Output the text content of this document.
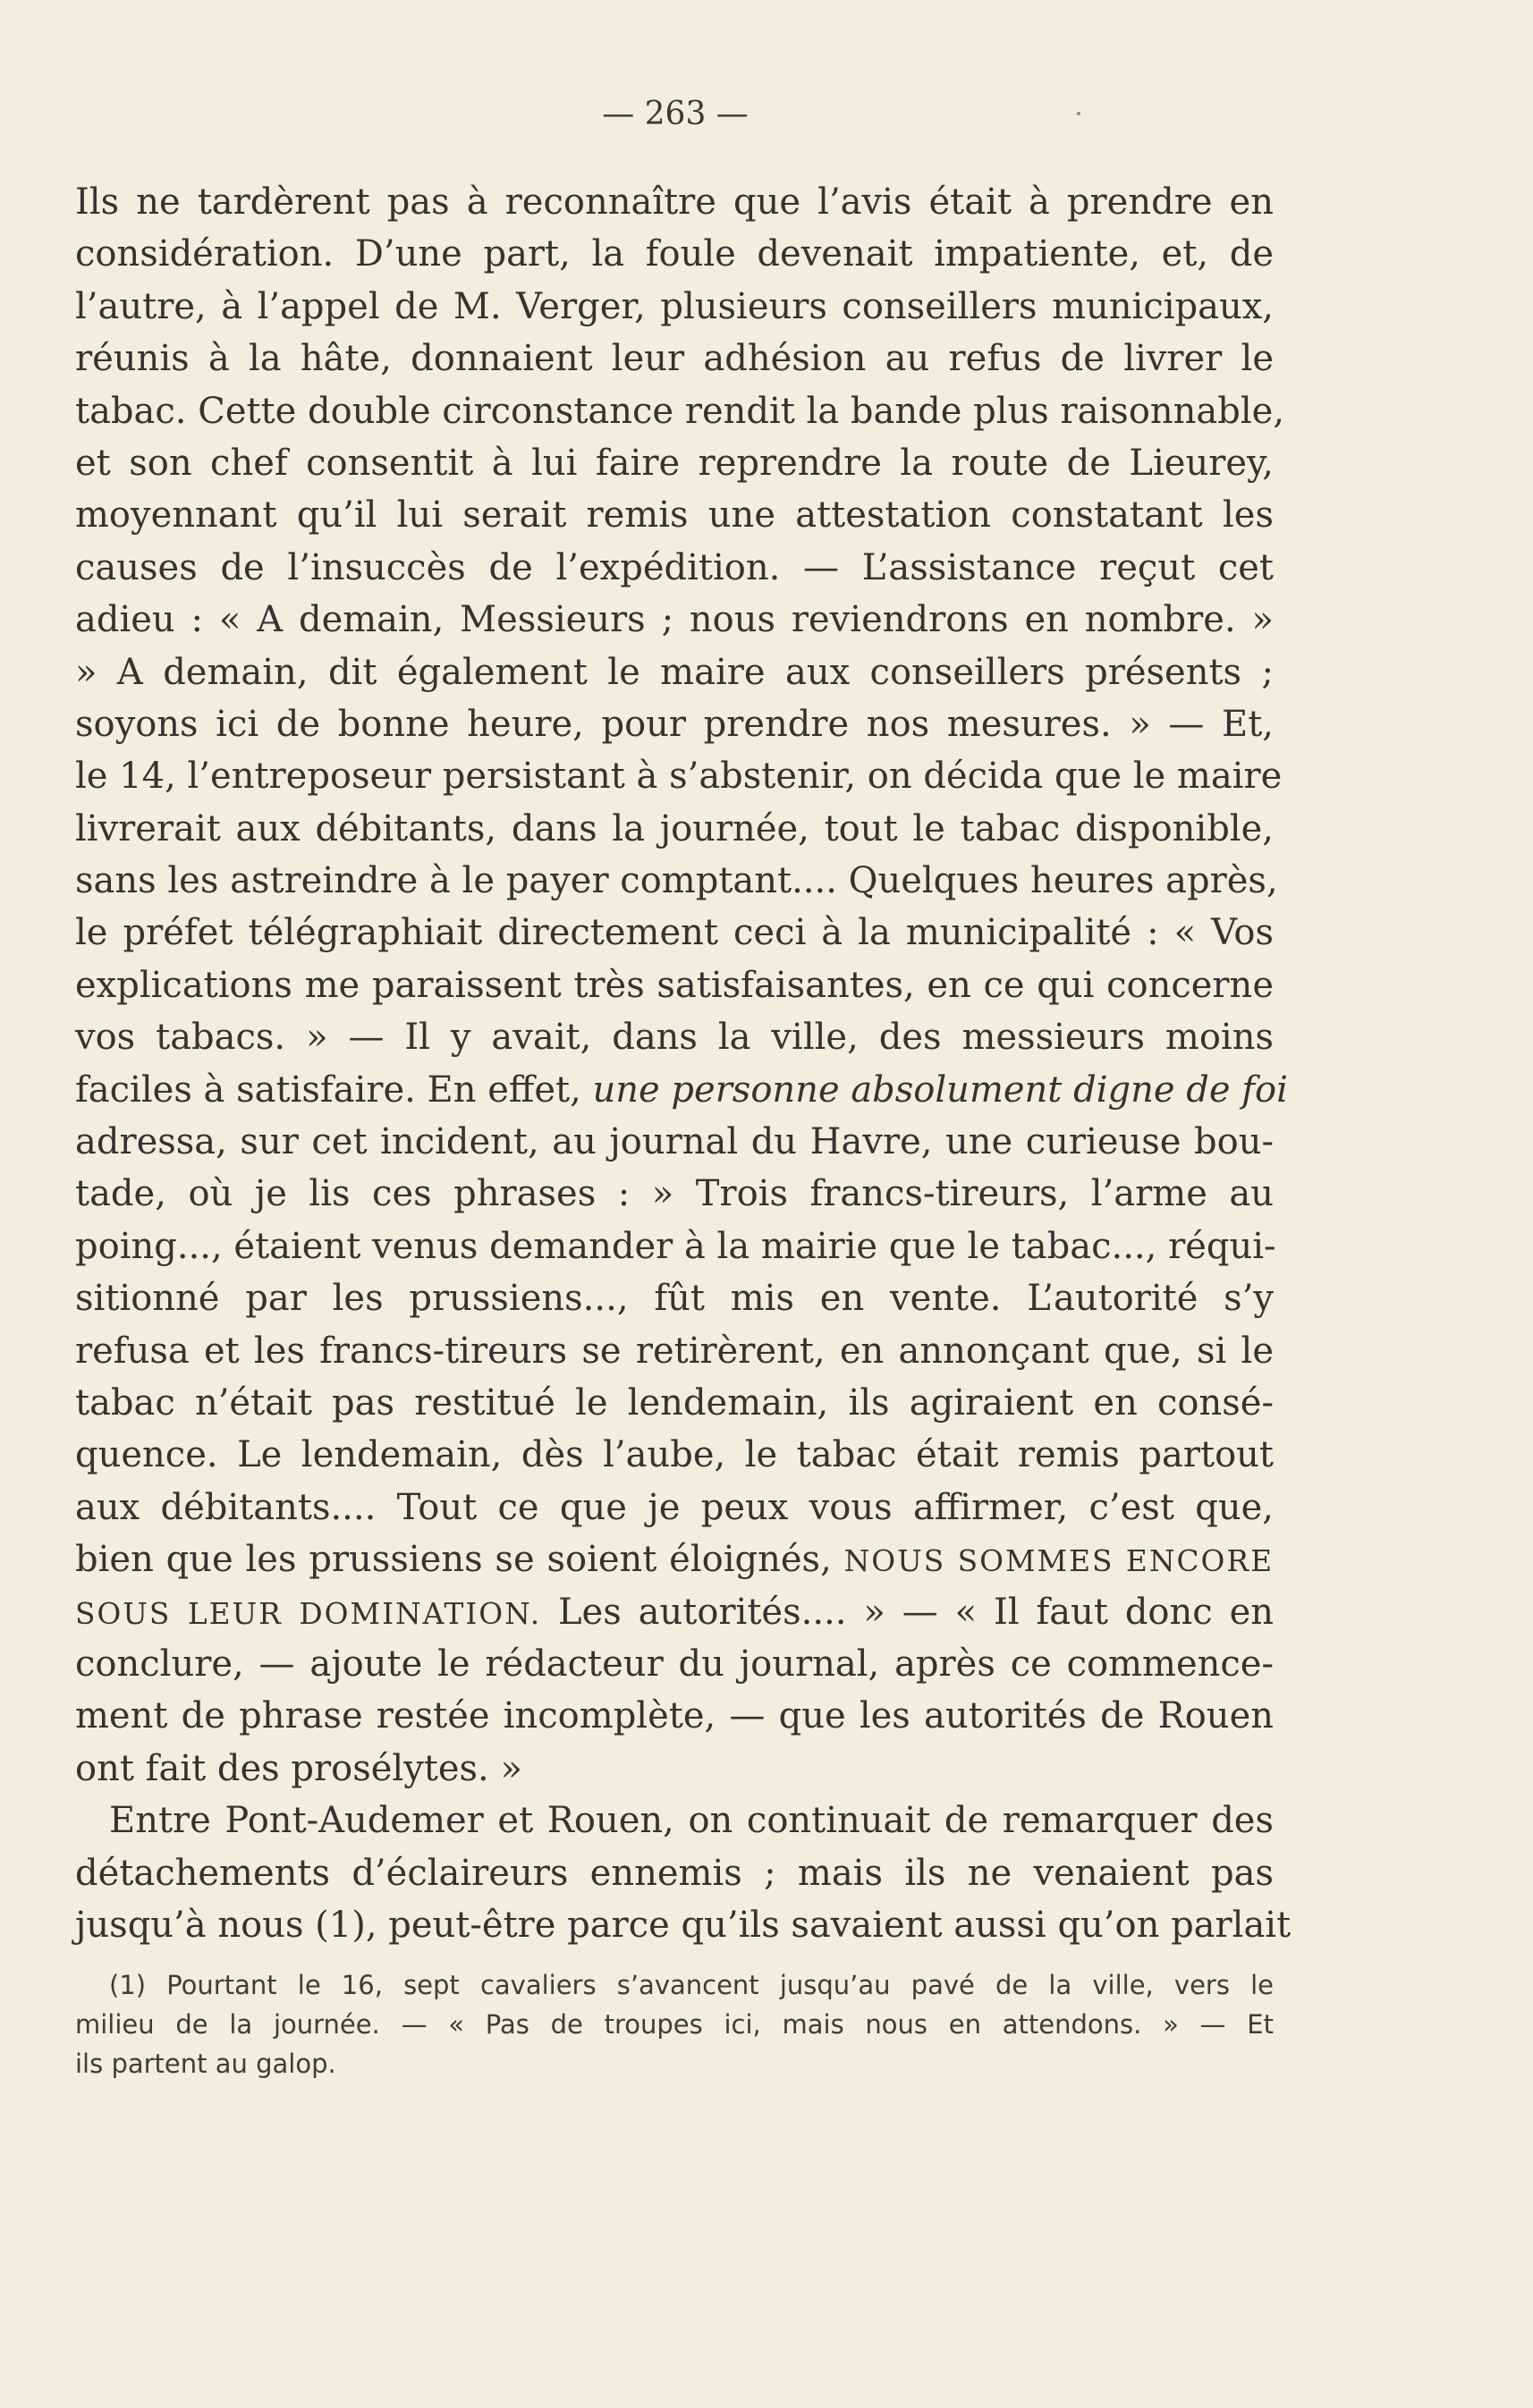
— 263 —
Ils ne tardèrent pas à reconnaître que l’avis était à prendre en
considération. D’une part, la foule devenait impatiente, et, de
l’autre, à l’appel de M. Verger, plusieurs conseillers municipaux,
réunis à la hâte, donnaient leur adhésion au refus de livrer le
tabac. Cette double circonstance rendit la bande plus raisonnable,
et son chef consentit à lui faire reprendre la route de Lieurey,
moyennant qu’il lui serait remis une attestation constatant les
causes de l’insuccès de l’expédition. — L’assistance reçut cet
adieu : « A demain, Messieurs ; nous reviendrons en nombre. »
» A demain, dit également le maire aux conseillers présents ;
soyons ici de bonne heure, pour prendre nos mesures. » — Et,
le 14, l’entreposeur persistant à s’abstenir, on décida que le maire
livrerait aux débitants, dans la journée, tout le tabac disponible,
sans les astreindre à le payer comptant.... Quelques heures après,
le préfet télégraphiait directement ceci à la municipalité : « Vos
explications me paraissent très satisfaisantes, en ce qui concerne
vos tabacs. » — Il y avait, dans la ville, des messieurs moins
faciles à satisfaire. En effet, une personne absolument digne de foi
adressa, sur cet incident, au journal du Havre, une curieuse bou-
tade, où je lis ces phrases : » Trois francs-tireurs, l’arme au
poing..., étaient venus demander à la mairie que le tabac..., réqui-
sitionné par les prussiens..., fût mis en vente. L’autorité s’y
refusa et les francs-tireurs se retirèrent, en annonçant que, si le
tabac n’était pas restitué le lendemain, ils agiraient en consé-
quence. Le lendemain, dès l’aube, le tabac était remis partout
aux débitants.... Tout ce que je peux vous affirmer, c’est que,
bien que les prussiens se soient éloignés, NOUS SOMMES ENCORE
SOUS LEUR DOMINATION. Les autorités.... » — « Il faut donc en
conclure, — ajoute le rédacteur du journal, après ce commence-
ment de phrase restée incomplète, — que les autorités de Rouen
ont fait des prosélytes. »
Entre Pont-Audemer et Rouen, on continuait de remarquer des
détachements d’éclaireurs ennemis ; mais ils ne venaient pas
jusqu’à nous (1), peut-être parce qu’ils savaient aussi qu’on parlait
(1) Pourtant le 16, sept cavaliers s’avancent jusqu’au pavé de la ville, vers le
milieu de la journée. — « Pas de troupes ici, mais nous en attendons. » — Et
ils partent au galop.
